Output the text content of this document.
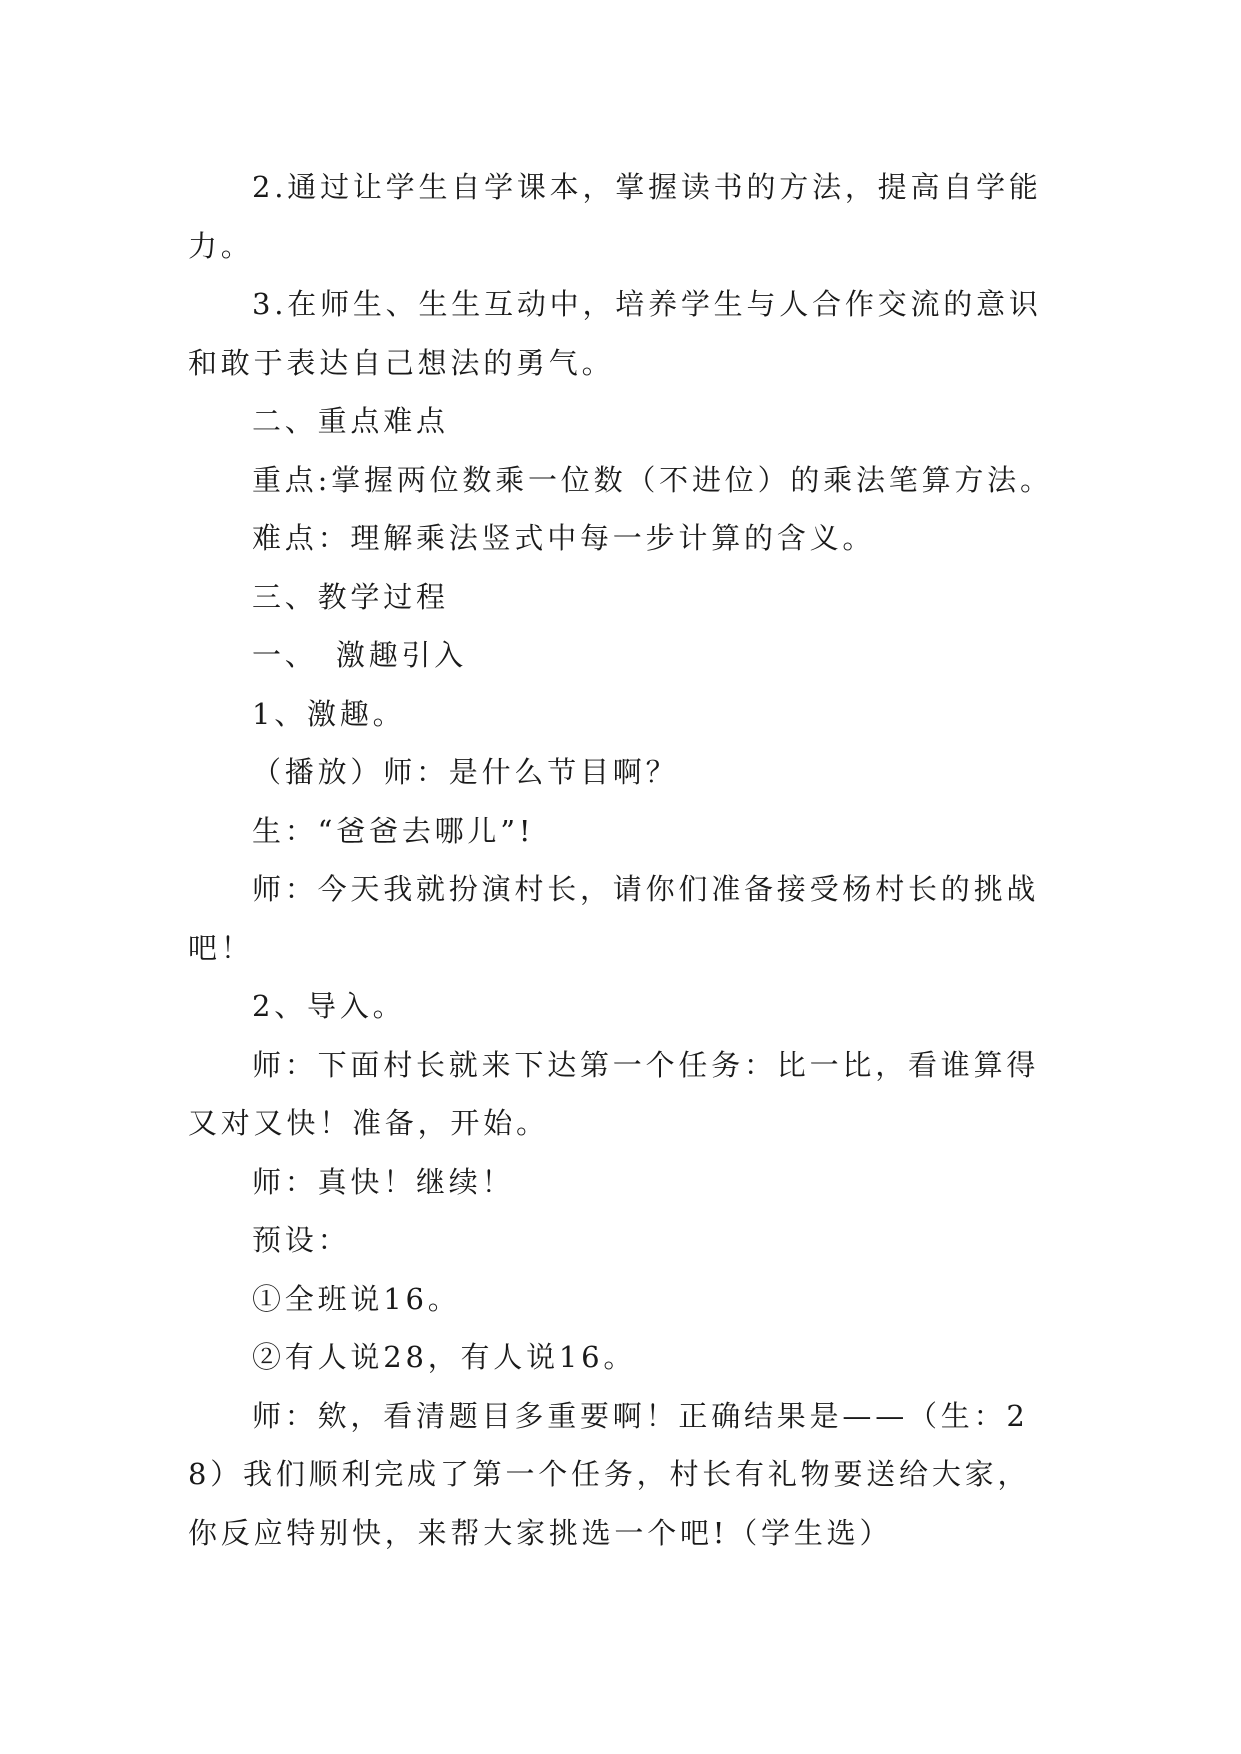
2.通过让学生自学课本，掌握读书的方法，提高自学能力。

3.在师生、生生互动中，培养学生与人合作交流的意识和敢于表达自己想法的勇气。

二、重点难点

重点:掌握两位数乘一位数（不进位）的乘法笔算方法。

难点：理解乘法竖式中每一步计算的含义。

三、教学过程

一、　激趣引入

1、激趣。

（播放）师：是什么节目啊？

生：“爸爸去哪儿”!

师：今天我就扮演村长，请你们准备接受杨村长的挑战吧！

2、导入。

师：下面村长就来下达第一个任务：比一比，看谁算得又对又快！准备，开始。

师：真快！继续！

预设：

①全班说16。

②有人说28，有人说16。

师：欸，看清题目多重要啊！正确结果是——（生：28）我们顺利完成了第一个任务，村长有礼物要送给大家，你反应特别快，来帮大家挑选一个吧!（学生选）
